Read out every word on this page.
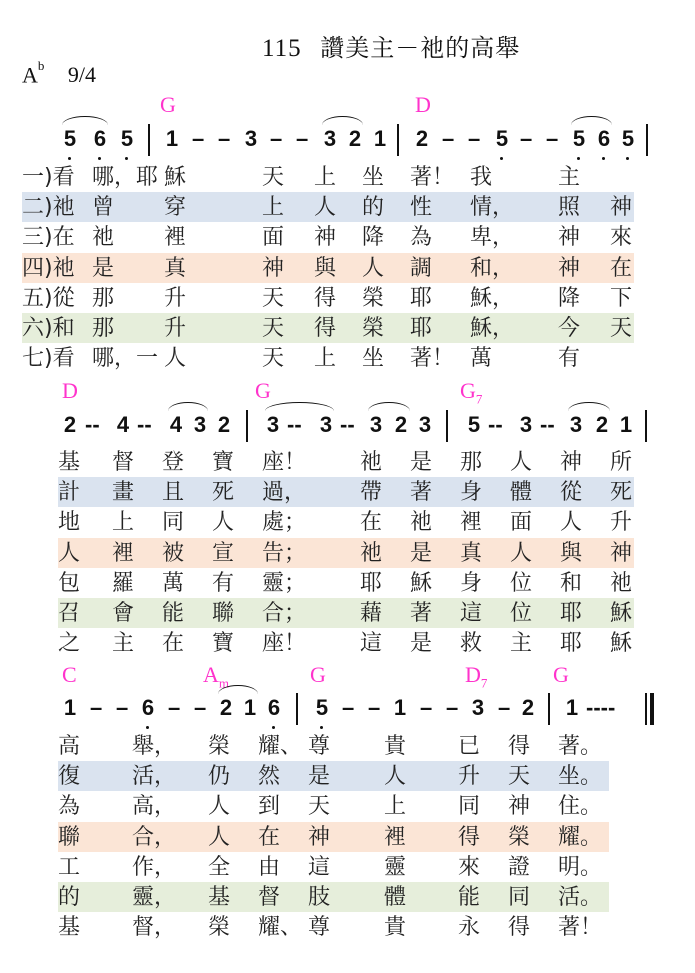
115 讚美主－祂的高舉
$A^b$ 9/4
G	D
5 6 5 1 – – 3 – – 3 2 1 2 – – 5 – – 5 6 5
一)看 哪，耶 穌	天 上 坐 著！ 我	主
二)祂 曾 穿	上 人 的 性 情， 照 神
三)在 祂 裡	面 神 降 為 卑， 神 來
四)祂 是 真	神 與 人 調 和， 神 在
五)從 那 升	天 得 榮 耶 穌， 降 下
六)和 那 升	天 得 榮 耶 穌， 今 天
七)看 哪，一 人	天 上 坐 著！ 萬	有
D	G	$G_7$
2 -- 4 -- 4 3 2 3 -- 3 -- 3 2 3 5 -- 3 -- 3 2 1
基 督 登 寶 座！ 祂 是 那 人 神 所
計 畫 且 死 過， 帶 著 身 體 從 死
地 上 同 人 處； 在 祂 裡 面 人 升
人 裡 被 宣 告； 祂 是 真 人 與 神
包 羅 萬 有 靈； 耶 穌 身 位 和 祂
召 會 能 聯 合； 藉 著 這 位 耶 穌
之 主 在 寶 座！ 這 是 救 主 耶 穌
C	$A_m$	G	$D_7$	G
1 – – 6 – – 2 1 6 5 – – 1 – – 3 – 2 1 ----
高 舉， 榮 耀、 尊 貴 已 得 著。
復 活， 仍 然 是 人 升 天 坐。
為 高， 人 到 天 上 同 神 住。
聯 合， 人 在 神 裡 得 榮 耀。
工 作， 全 由 這 靈 來 證 明。
的 靈， 基 督 肢 體 能 同 活。
基 督， 榮 耀、 尊 貴 永 得 著！
